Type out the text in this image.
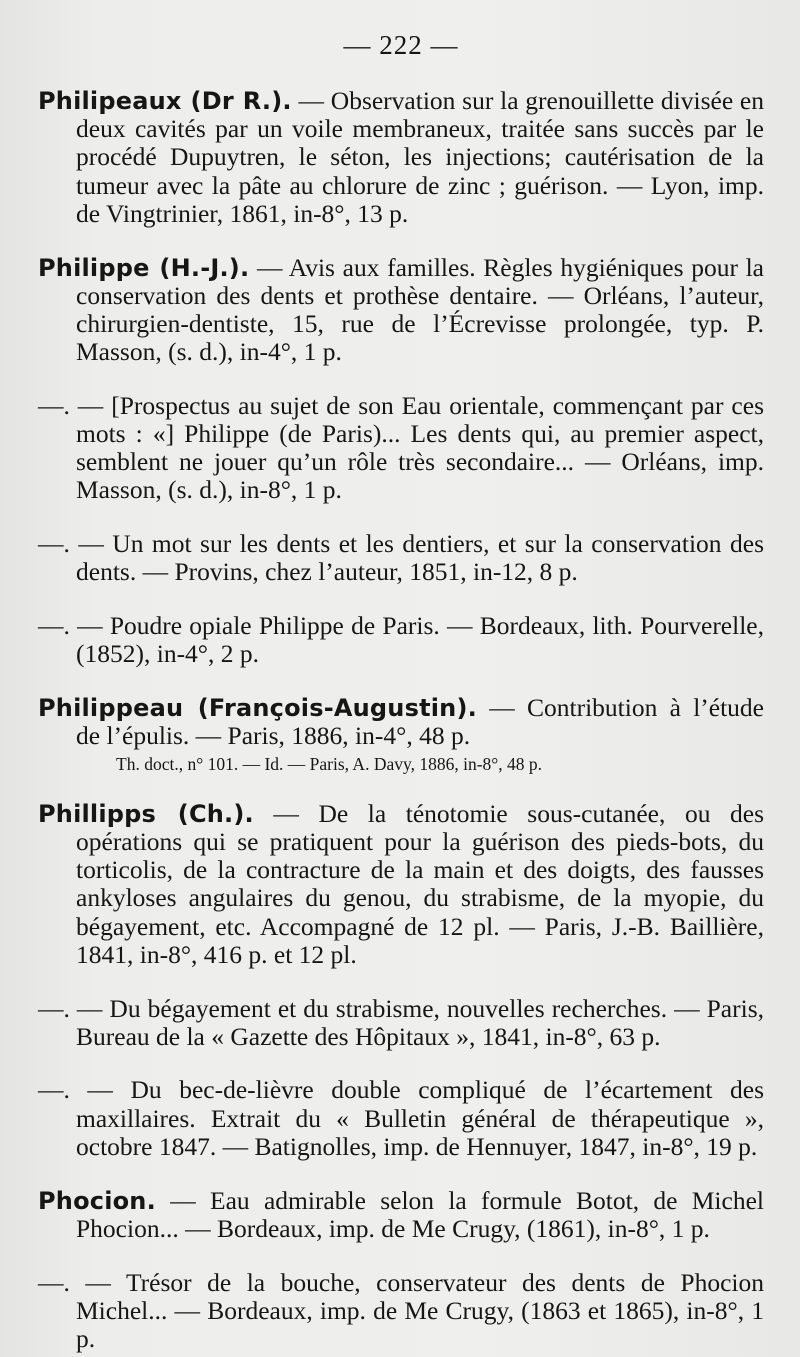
— 222 —

Philipeaux (Dr R.). — Observation sur la grenouillette divisée en deux cavités par un voile membraneux, traitée sans succès par le procédé Dupuytren, le séton, les injections; cautérisation de la tumeur avec la pâte au chlorure de zinc ; guérison. — Lyon, imp. de Vingtrinier, 1861, in-8°, 13 p.

Philippe (H.-J.). — Avis aux familles. Règles hygiéniques pour la conservation des dents et prothèse dentaire. — Orléans, l’auteur, chirurgien-dentiste, 15, rue de l’Écrevisse prolongée, typ. P. Masson, (s. d.), in-4°, 1 p.

—. — [Prospectus au sujet de son Eau orientale, commençant par ces mots : «] Philippe (de Paris)... Les dents qui, au premier aspect, semblent ne jouer qu’un rôle très secondaire... — Orléans, imp. Masson, (s. d.), in-8°, 1 p.

—. — Un mot sur les dents et les dentiers, et sur la conservation des dents. — Provins, chez l’auteur, 1851, in-12, 8 p.

—. — Poudre opiale Philippe de Paris. — Bordeaux, lith. Pourverelle, (1852), in-4°, 2 p.

Philippeau (François-Augustin). — Contribution à l’étude de l’épulis. — Paris, 1886, in-4°, 48 p.

Th. doct., n° 101. — Id. — Paris, A. Davy, 1886, in-8°, 48 p.

Phillipps (Ch.). — De la ténotomie sous-cutanée, ou des opérations qui se pratiquent pour la guérison des pieds-bots, du torticolis, de la contracture de la main et des doigts, des fausses ankyloses angulaires du genou, du strabisme, de la myopie, du bégayement, etc. Accompagné de 12 pl. — Paris, J.-B. Baillière, 1841, in-8°, 416 p. et 12 pl.

—. — Du bégayement et du strabisme, nouvelles recherches. — Paris, Bureau de la « Gazette des Hôpitaux », 1841, in-8°, 63 p.

—. — Du bec-de-lièvre double compliqué de l’écartement des maxillaires. Extrait du « Bulletin général de thérapeutique », octobre 1847. — Batignolles, imp. de Hennuyer, 1847, in-8°, 19 p.

Phocion. — Eau admirable selon la formule Botot, de Michel Phocion... — Bordeaux, imp. de Me Crugy, (1861), in-8°, 1 p.

—. — Trésor de la bouche, conservateur des dents de Phocion Michel... — Bordeaux, imp. de Me Crugy, (1863 et 1865), in-8°, 1 p.
